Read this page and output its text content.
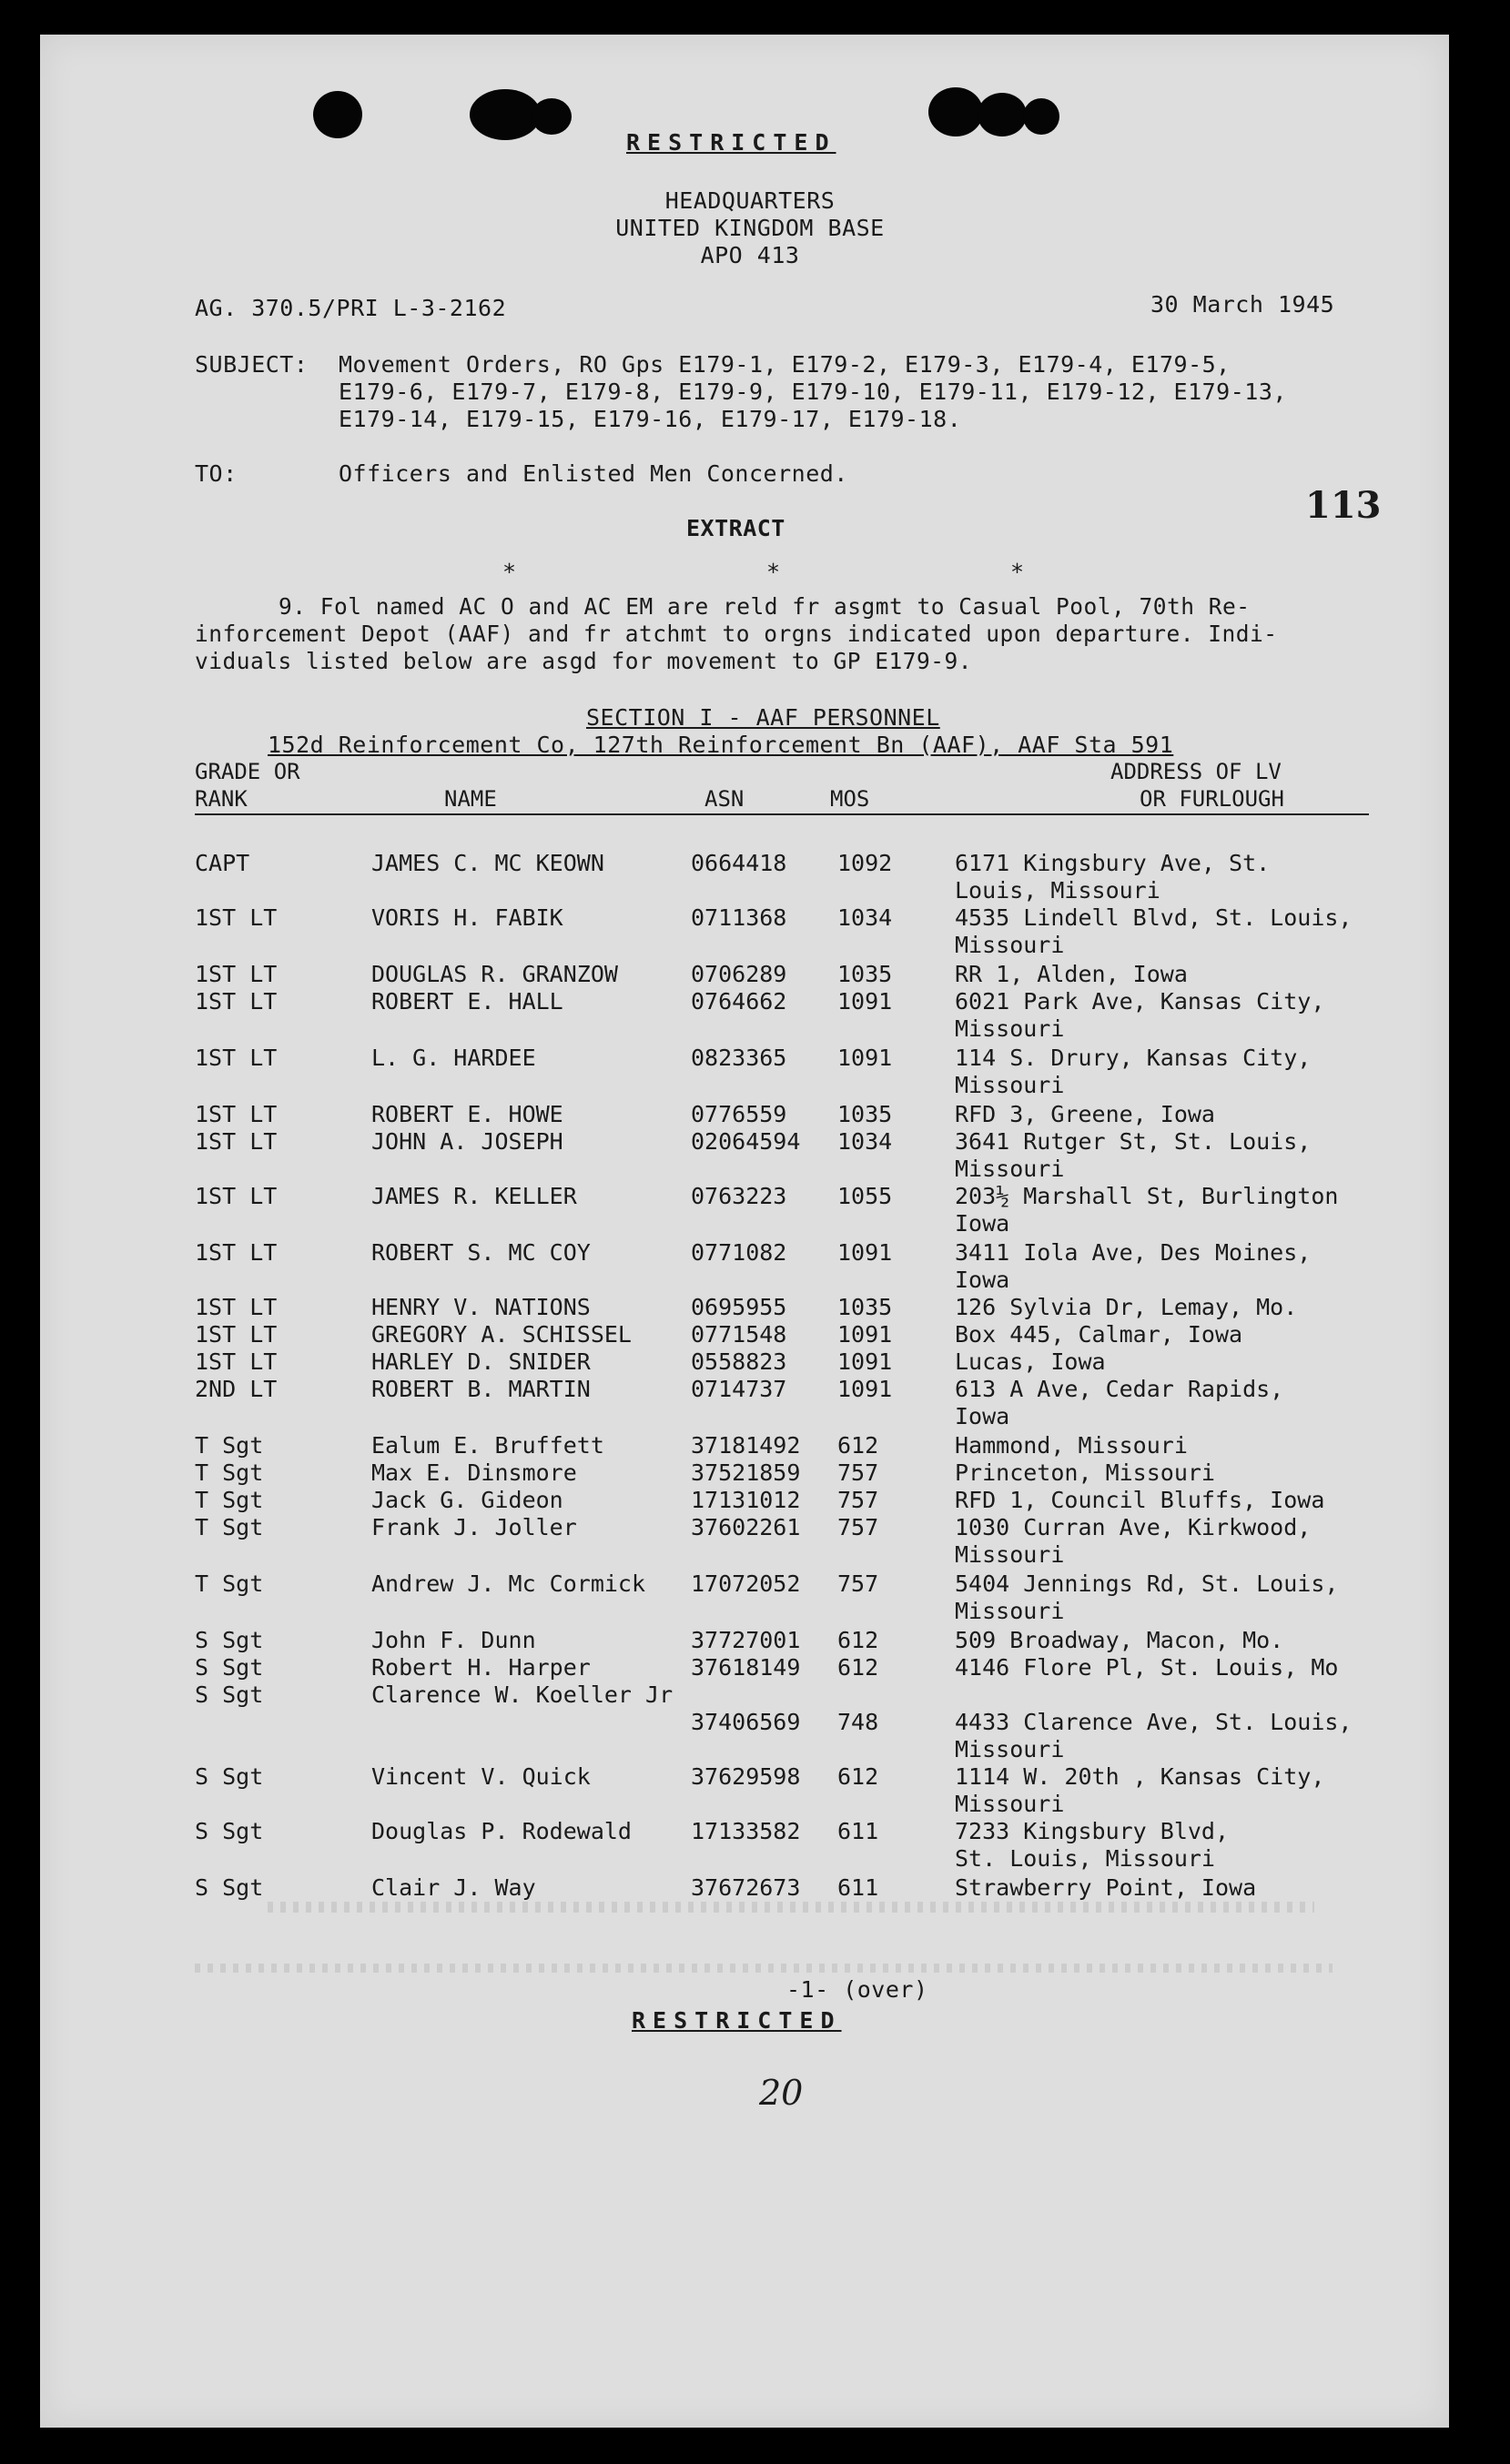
RESTRICTED
HEADQUARTERS
UNITED KINGDOM BASE
APO 413
AG. 370.5/PRI L-3-2162	30 March 1945
SUBJECT: Movement Orders, RO Gps E179-1, E179-2, E179-3, E179-4, E179-5,
E179-6, E179-7, E179-8, E179-9, E179-10, E179-11, E179-12, E179-13,
E179-14, E179-15, E179-16, E179-17, E179-18.
TO:	Officers and Enlisted Men Concerned.
113
EXTRACT
*	*	*
9. Fol named AC O and AC EM are reld fr asgmt to Casual Pool, 70th Re-
inforcement Depot (AAF) and fr atchmt to orgns indicated upon departure. Indi-
viduals listed below are asgd for movement to GP E179-9.
SECTION I - AAF PERSONNEL
152d Reinforcement Co, 127th Reinforcement Bn (AAF), AAF Sta 591
GRADE OR
RANK	NAME	ASN	MOS
ADDRESS OF LV
OR FURLOUGH
CAPT	JAMES C. MC KEOWN	0664418 1092	6171 Kingsbury Ave, St.
Louis, Missouri
1ST LT	VORIS H. FABIK	0711368 1034	4535 Lindell Blvd, St. Louis,
Missouri
1ST LT	DOUGLAS R. GRANZOW	0706289 1035	RR 1, Alden, Iowa
1ST LT	ROBERT E. HALL	0764662 1091	6021 Park Ave, Kansas City,
Missouri
1ST LT	L. G. HARDEE	0823365 1091	114 S. Drury, Kansas City,
Missouri
1ST LT	ROBERT E. HOWE	0776559 1035	RFD 3, Greene, Iowa
1ST LT	JOHN A. JOSEPH	02064594 1034	3641 Rutger St, St. Louis,
Missouri
1ST LT	JAMES R. KELLER	0763223 1055	203½ Marshall St, Burlington
Iowa
1ST LT	ROBERT S. MC COY	0771082 1091	3411 Iola Ave, Des Moines,
Iowa
1ST LT	HENRY V. NATIONS	0695955 1035	126 Sylvia Dr, Lemay, Mo.
1ST LT	GREGORY A. SCHISSEL	0771548 1091	Box 445, Calmar, Iowa
1ST LT	HARLEY D. SNIDER	0558823 1091	Lucas, Iowa
2ND LT	ROBERT B. MARTIN	0714737 1091	613 A Ave, Cedar Rapids,
Iowa
T Sgt	Ealum E. Bruffett	37181492 612	Hammond, Missouri
T Sgt	Max E. Dinsmore	37521859 757	Princeton, Missouri
T Sgt	Jack G. Gideon	17131012 757	RFD 1, Council Bluffs, Iowa
T Sgt	Frank J. Joller	37602261 757	1030 Curran Ave, Kirkwood,
Missouri
T Sgt	Andrew J. Mc Cormick 17072052 757	5404 Jennings Rd, St. Louis,
Missouri
S Sgt	John F. Dunn	37727001 612	509 Broadway, Macon, Mo.
S Sgt	Robert H. Harper	37618149 612	4146 Flore Pl, St. Louis, Mo
S Sgt	Clarence W. Koeller Jr
37406569 748	4433 Clarence Ave, St. Louis,
Missouri
S Sgt	Vincent V. Quick	37629598 612	1114 W. 20th , Kansas City,
Missouri
S Sgt	Douglas P. Rodewald	17133582 611	7233 Kingsbury Blvd,
St. Louis, Missouri
S Sgt	Clair J. Way	37672673 611	Strawberry Point, Iowa
-1- (over)
RESTRICTED
20
